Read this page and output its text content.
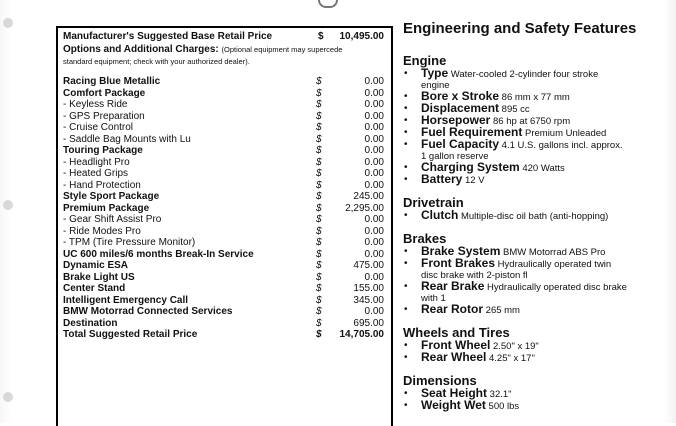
Manufacturer's Suggested Base Retail Price	$ 10,495.00
Options and Additional Charges: (Optional equipment may supercede
standard equipment; check with your authorized dealer).
Racing Blue Metallic	$	0.00
Comfort Package	$	0.00
- Keyless Ride	$	0.00
- GPS Preparation	$	0.00
- Cruise Control	$	0.00
- Saddle Bag Mounts with Lu	$	0.00
Touring Package	$	0.00
- Headlight Pro	$	0.00
- Heated Grips	$	0.00
- Hand Protection	$	0.00
Style Sport Package	$	245.00
Premium Package	$ 2,295.00
- Gear Shift Assist Pro	$	0.00
- Ride Modes Pro	$	0.00
- TPM (Tire Pressure Monitor)	$	0.00
UC 600 miles/6 months Break-In Service	$	0.00
Dynamic ESA	$	475.00
Brake Light US	$	0.00
Center Stand	$	155.00
Intelligent Emergency Call	$	345.00
BMW Motorrad Connected Services	$	0.00
Destination	$	695.00
Total Suggested Retail Price	$ 14,705.00
Engineering and Safety Features
Engine
• Type Water-cooled 2-cylinder four stroke
engine
• Bore x Stroke 86 mm x 77 mm
• Displacement 895 cc
• Horsepower 86 hp at 6750 rpm
• Fuel Requirement Premium Unleaded
• Fuel Capacity 4.1 U.S. gallons incl. approx.
1 gallon reserve
• Charging System 420 Watts
• Battery 12 V
Drivetrain
• Clutch Multiple-disc oil bath (anti-hopping)
Brakes
• Brake System BMW Motorrad ABS Pro
• Front Brakes Hydraulically operated twin
disc brake with 2-piston fl
• Rear Brake Hydraulically operated disc brake
with 1
• Rear Rotor 265 mm
Wheels and Tires
• Front Wheel 2.50" x 19"
• Rear Wheel 4.25" x 17"
Dimensions
• Seat Height 32.1"
• Weight Wet 500 lbs
